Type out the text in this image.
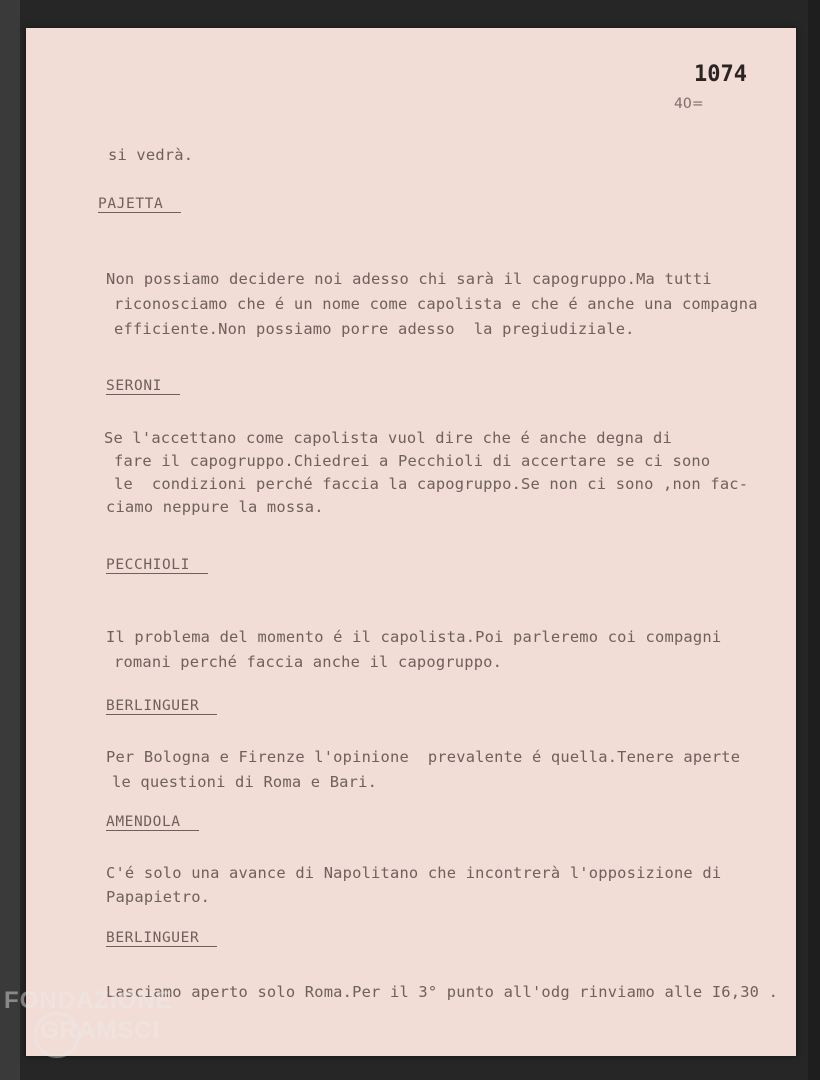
1074
40=
si vedrà.
PAJETTA
Non possiamo decidere noi adesso chi sarà il capogruppo.Ma tutti
riconosciamo che é un nome come capolista e che é anche una compagna
efficiente.Non possiamo porre adesso  la pregiudiziale.
SERONI
Se l'accettano come capolista vuol dire che é anche degna di
fare il capogruppo.Chiedrei a Pecchioli di accertare se ci sono
le  condizioni perché faccia la capogruppo.Se non ci sono ,non fac-
ciamo neppure la mossa.
PECCHIOLI
Il problema del momento é il capolista.Poi parleremo coi compagni
romani perché faccia anche il capogruppo.
BERLINGUER
Per Bologna e Firenze l'opinione  prevalente é quella.Tenere aperte
le questioni di Roma e Bari.
AMENDOLA
C'é solo una avance di Napolitano che incontrerà l'opposizione di
Papapietro.
BERLINGUER
Lasciamo aperto solo Roma.Per il 3° punto all'odg rinviamo alle I6,30 .
FONDAZIONE
GRAMSCI
